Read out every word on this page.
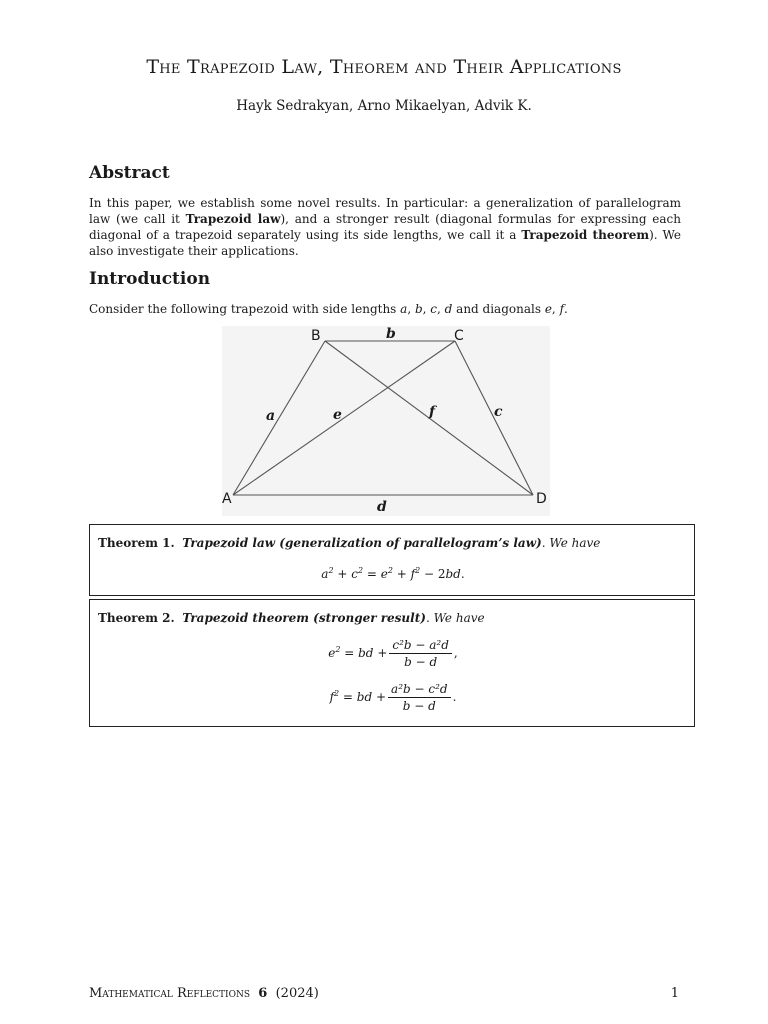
The Trapezoid Law, Theorem and Their Applications
Hayk Sedrakyan, Arno Mikaelyan, Advik K.
Abstract
In this paper, we establish some novel results. In particular: a generalization of parallelogram law (we call it Trapezoid law), and a stronger result (diagonal formulas for expressing each diagonal of a trapezoid separately using its side lengths, we call it a Trapezoid theorem). We also investigate their applications.
Introduction
Consider the following trapezoid with side lengths a, b, c, d and diagonals e, f.
B	C
A	D
b
a	e	f	c
d
Theorem 1. Trapezoid law (generalization of parallelogram’s law). We have
$a^2 + c^2 = e^2 + f^2 - 2bd$.
Theorem 2. Trapezoid theorem (stronger result). We have
$e^2$ = bd + $\frac{\text{c²b − a²d}}{b - d}$ ,
$f^2$ = bd + $\frac{\text{a²b − c²d}}{b - d}$ .
Mathematical Reflections 6 (2024)	1
